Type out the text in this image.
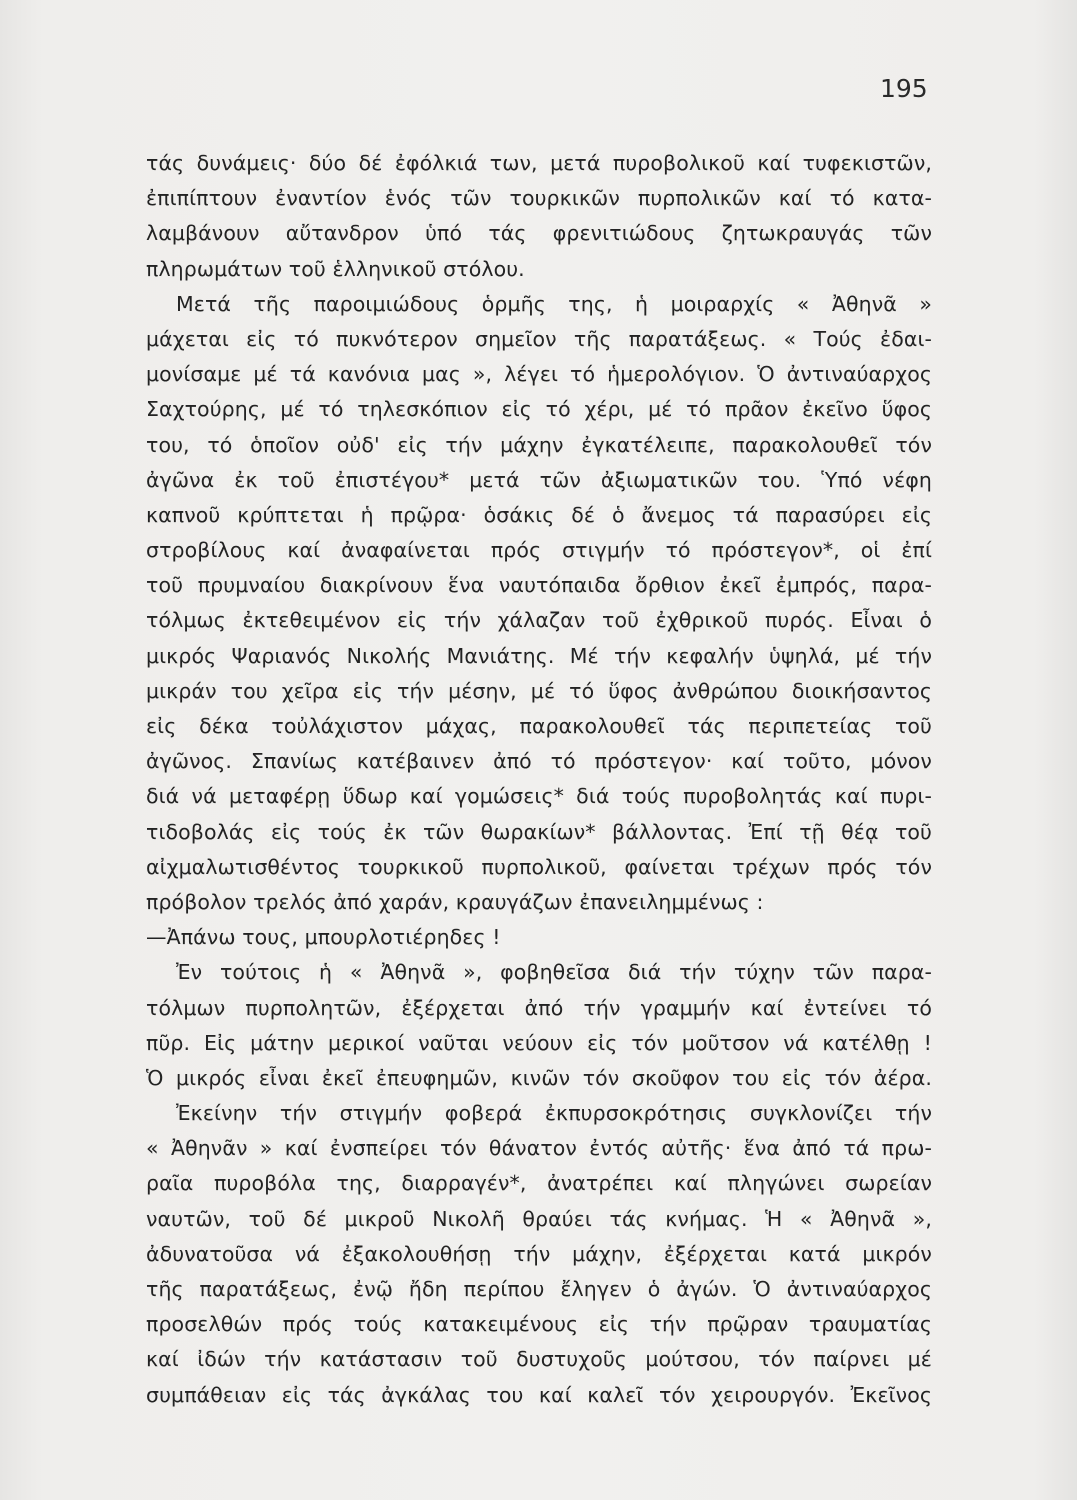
195
τάς δυνάμεις· δύο δέ ἐφόλκιά των, μετά πυροβολικοῦ καί τυφεκιστῶν,
ἐπιπίπτουν ἐναντίον ἑνός τῶν τουρκικῶν πυρπολικῶν καί τό κατα-
λαμβάνουν αὔτανδρον ὑπό τάς φρενιτιώδους ζητωκραυγάς τῶν
πληρωμάτων τοῦ ἑλληνικοῦ στόλου.
Μετά τῆς παροιμιώδους ὁρμῆς της, ἡ μοιραρχίς « Ἀθηνᾶ »
μάχεται εἰς τό πυκνότερον σημεῖον τῆς παρατάξεως. « Τούς ἐδαι-
μονίσαμε μέ τά κανόνια μας », λέγει τό ἡμερολόγιον. Ὁ ἀντιναύαρχος
Σαχτούρης, μέ τό τηλεσκόπιον εἰς τό χέρι, μέ τό πρᾶον ἐκεῖνο ὕφος
του, τό ὁποῖον οὐδ' εἰς τήν μάχην ἐγκατέλειπε, παρακολουθεῖ τόν
ἀγῶνα ἐκ τοῦ ἐπιστέγου* μετά τῶν ἀξιωματικῶν του. Ὑπό νέφη
καπνοῦ κρύπτεται ἡ πρῷρα· ὁσάκις δέ ὁ ἄνεμος τά παρασύρει εἰς
στροβίλους καί ἀναφαίνεται πρός στιγμήν τό πρόστεγον*, οἱ ἐπί
τοῦ πρυμναίου διακρίνουν ἕνα ναυτόπαιδα ὄρθιον ἐκεῖ ἐμπρός, παρα-
τόλμως ἐκτεθειμένον εἰς τήν χάλαζαν τοῦ ἐχθρικοῦ πυρός. Εἶναι ὁ
μικρός Ψαριανός Νικολής Μανιάτης. Μέ τήν κεφαλήν ὑψηλά, μέ τήν
μικράν του χεῖρα εἰς τήν μέσην, μέ τό ὕφος ἀνθρώπου διοικήσαντος
εἰς δέκα τοὐλάχιστον μάχας, παρακολουθεῖ τάς περιπετείας τοῦ
ἀγῶνος. Σπανίως κατέβαινεν ἀπό τό πρόστεγον· καί τοῦτο, μόνον
διά νά μεταφέρῃ ὕδωρ καί γομώσεις* διά τούς πυροβολητάς καί πυρι-
τιδοβολάς εἰς τούς ἐκ τῶν θωρακίων* βάλλοντας. Ἐπί τῇ θέᾳ τοῦ
αἰχμαλωτισθέντος τουρκικοῦ πυρπολικοῦ, φαίνεται τρέχων πρός τόν
πρόβολον τρελός ἀπό χαράν, κραυγάζων ἐπανειλημμένως :
—Ἀπάνω τους, μπουρλοτιέρηδες !
Ἐν τούτοις ἡ « Ἀθηνᾶ », φοβηθεῖσα διά τήν τύχην τῶν παρα-
τόλμων πυρπολητῶν, ἐξέρχεται ἀπό τήν γραμμήν καί ἐντείνει τό
πῦρ. Εἰς μάτην μερικοί ναῦται νεύουν εἰς τόν μοῦτσον νά κατέλθῃ !
Ὁ μικρός εἶναι ἐκεῖ ἐπευφημῶν, κινῶν τόν σκοῦφον του εἰς τόν ἀέρα.
Ἐκείνην τήν στιγμήν φοβερά ἐκπυρσοκρότησις συγκλονίζει τήν
« Ἀθηνᾶν » καί ἐνσπείρει τόν θάνατον ἐντός αὐτῆς· ἕνα ἀπό τά πρω-
ραῖα πυροβόλα της, διαρραγέν*, ἀνατρέπει καί πληγώνει σωρείαν
ναυτῶν, τοῦ δέ μικροῦ Νικολῆ θραύει τάς κνήμας. Ἡ « Ἀθηνᾶ »,
ἀδυνατοῦσα νά ἐξακολουθήσῃ τήν μάχην, ἐξέρχεται κατά μικρόν
τῆς παρατάξεως, ἐνῷ ἤδη περίπου ἔληγεν ὁ ἀγών. Ὁ ἀντιναύαρχος
προσελθών πρός τούς κατακειμένους εἰς τήν πρῷραν τραυματίας
καί ἰδών τήν κατάστασιν τοῦ δυστυχοῦς μούτσου, τόν παίρνει μέ
συμπάθειαν εἰς τάς ἀγκάλας του καί καλεῖ τόν χειρουργόν. Ἐκεῖνος
